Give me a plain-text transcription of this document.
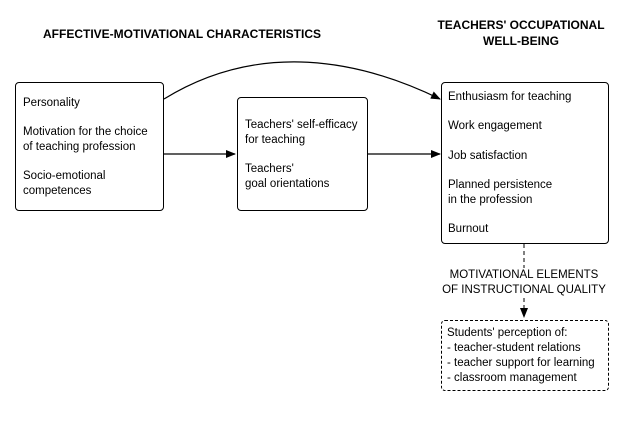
AFFECTIVE-MOTIVATIONAL CHARACTERISTICS
TEACHERS' OCCUPATIONAL
WELL-BEING
Personality
Motivation for the choice
of teaching profession
Socio-emotional
competences
Teachers' self-efficacy
for teaching
Teachers'
goal orientations
Enthusiasm for teaching
Work engagement
Job satisfaction
Planned persistence
in the profession
Burnout
MOTIVATIONAL ELEMENTS
OF INSTRUCTIONAL QUALITY
Students' perception of:
- teacher-student relations
- teacher support for learning
- classroom management
